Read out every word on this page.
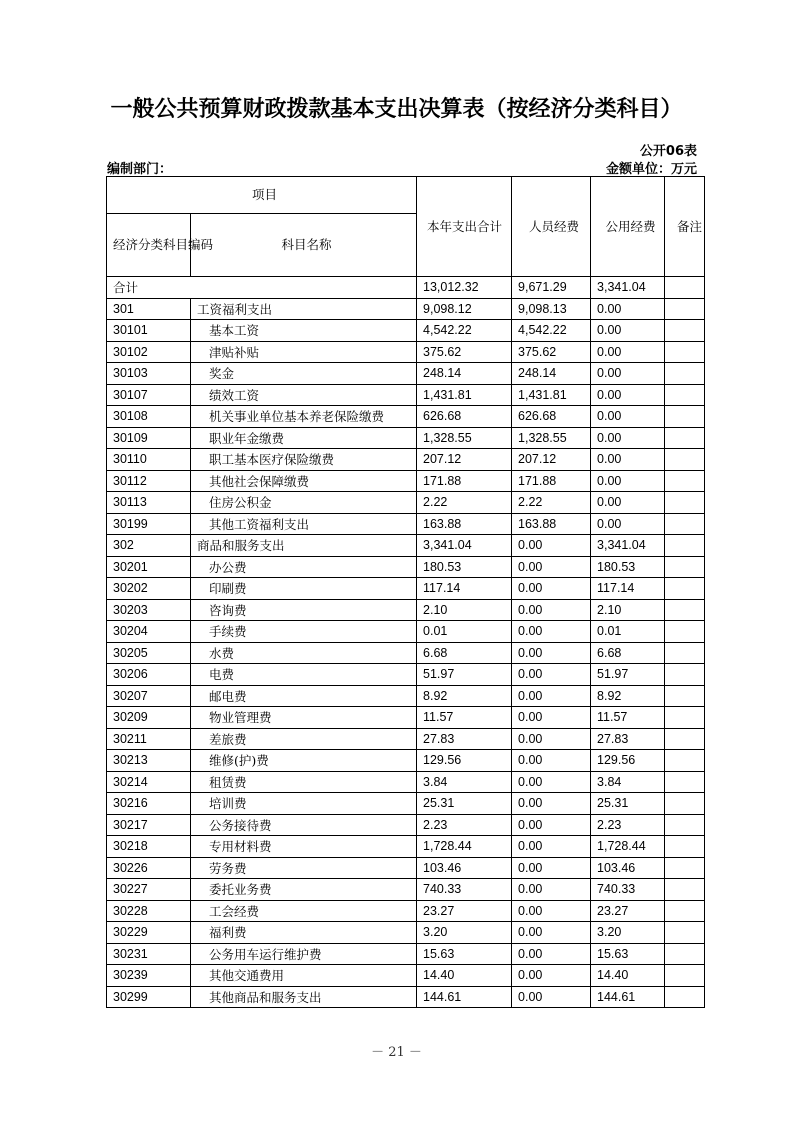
一般公共预算财政拨款基本支出决算表（按经济分类科目）
公开06表
编制部门：	金额单位：万元
项目		本年支出合计	人员经费	公用经费	备注
经济分类科目编码	科目名称				
合计		13,012.32	9,671.29	3,341.04	
301	工资福利支出	9,098.12	9,098.13	0.00	
30101	基本工资	4,542.22	4,542.22	0.00	
30102	津贴补贴	375.62	375.62	0.00	
30103	奖金	248.14	248.14	0.00	
30107	绩效工资	1,431.81	1,431.81	0.00	
30108	机关事业单位基本养老保险缴费	626.68	626.68	0.00	
30109	职业年金缴费	1,328.55	1,328.55	0.00	
30110	职工基本医疗保险缴费	207.12	207.12	0.00	
30112	其他社会保障缴费	171.88	171.88	0.00	
30113	住房公积金	2.22	2.22	0.00	
30199	其他工资福利支出	163.88	163.88	0.00	
302	商品和服务支出	3,341.04	0.00	3,341.04	
30201	办公费	180.53	0.00	180.53	
30202	印刷费	117.14	0.00	117.14	
30203	咨询费	2.10	0.00	2.10	
30204	手续费	0.01	0.00	0.01	
30205	水费	6.68	0.00	6.68	
30206	电费	51.97	0.00	51.97	
30207	邮电费	8.92	0.00	8.92	
30209	物业管理费	11.57	0.00	11.57	
30211	差旅费	27.83	0.00	27.83	
30213	维修(护)费	129.56	0.00	129.56	
30214	租赁费	3.84	0.00	3.84	
30216	培训费	25.31	0.00	25.31	
30217	公务接待费	2.23	0.00	2.23	
30218	专用材料费	1,728.44	0.00	1,728.44	
30226	劳务费	103.46	0.00	103.46	
30227	委托业务费	740.33	0.00	740.33	
30228	工会经费	23.27	0.00	23.27	
30229	福利费	3.20	0.00	3.20	
30231	公务用车运行维护费	15.63	0.00	15.63	
30239	其他交通费用	14.40	0.00	14.40	
30299	其他商品和服务支出	144.61	0.00	144.61	
－ 21 －
